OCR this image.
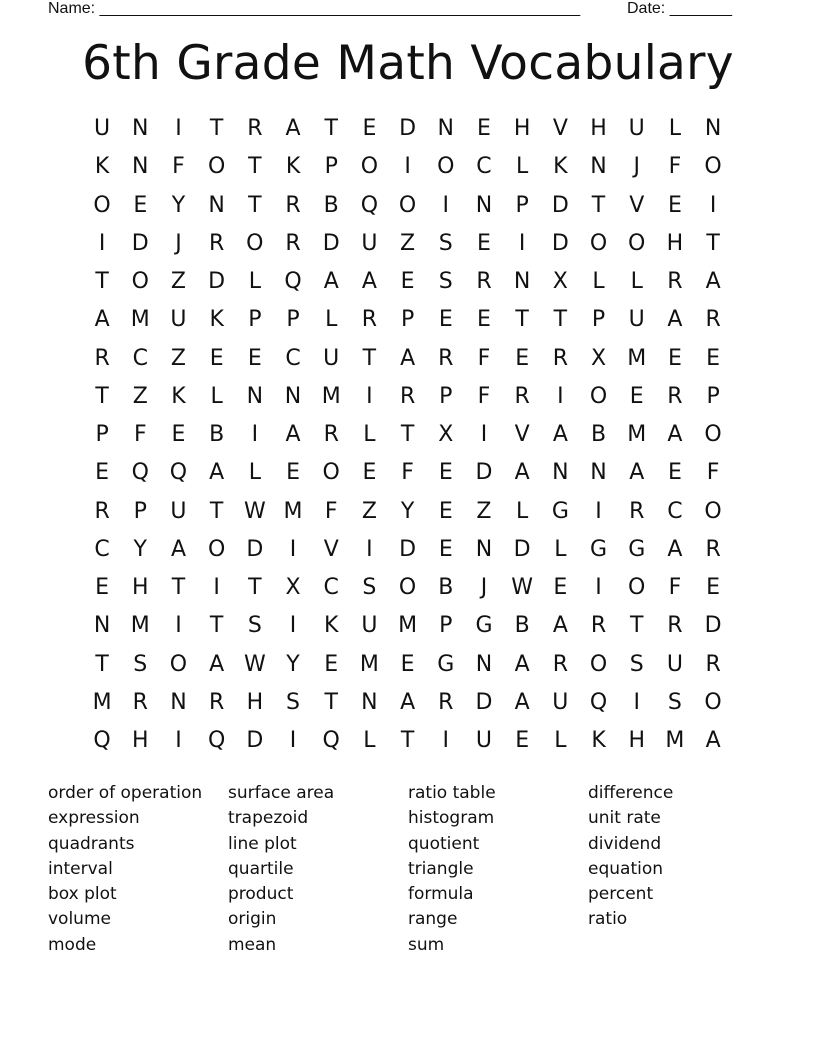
Name: ______________________________________________________	Date: _______
6th Grade Math Vocabulary
U N	I	T	R	A	T	E	D N	E	H	V	H U	L	N
K	N	F	O	T	K	P	O	I	O C	L	K	N	J	F	O
O	E	Y	N	T	R	B Q O	I	N	P	D	T	V	E	I
I	D	J	R O R	D U	Z	S	E	I	D O O H	T
T	O Z	D	L	Q	A	A	E	S	R	N	X	L	L	R	A
A M U	K	P	P	L	R	P	E	E	T	T	P	U	A	R
R	C	Z	E	E	C	U	T	A	R	F	E	R	X M E	E
T	Z	K	L	N N M	I	R	P	F	R	I	O	E	R	P
P	F	E	B	I	A	R	L	T	X	I	V	A	B M A O
E	Q Q	A	L	E	O	E	F	E	D	A	N N	A	E	F
R	P	U	T W M	F	Z	Y	E	Z	L	G	I	R	C O
C	Y	A O D	I	V	I	D	E	N D	L	G G	A	R
E	H	T	I	T	X	C	S	O B	J	W E	I	O	F	E
N M	I	T	S	I	K	U M	P	G	B	A	R	T	R	D
T	S	O	A W Y	E M E	G N	A	R O	S	U	R
M R	N	R	H	S	T	N	A	R	D	A	U Q	I	S	O
Q H	I	Q D	I	Q	L	T	I	U	E	L	K	H M A
order of operation
expression
quadrants
interval
box plot
volume
mode
surface area
trapezoid
line plot
quartile
product
origin
mean
ratio table
histogram
quotient
triangle
formula
range
sum
difference
unit rate
dividend
equation
percent
ratio
